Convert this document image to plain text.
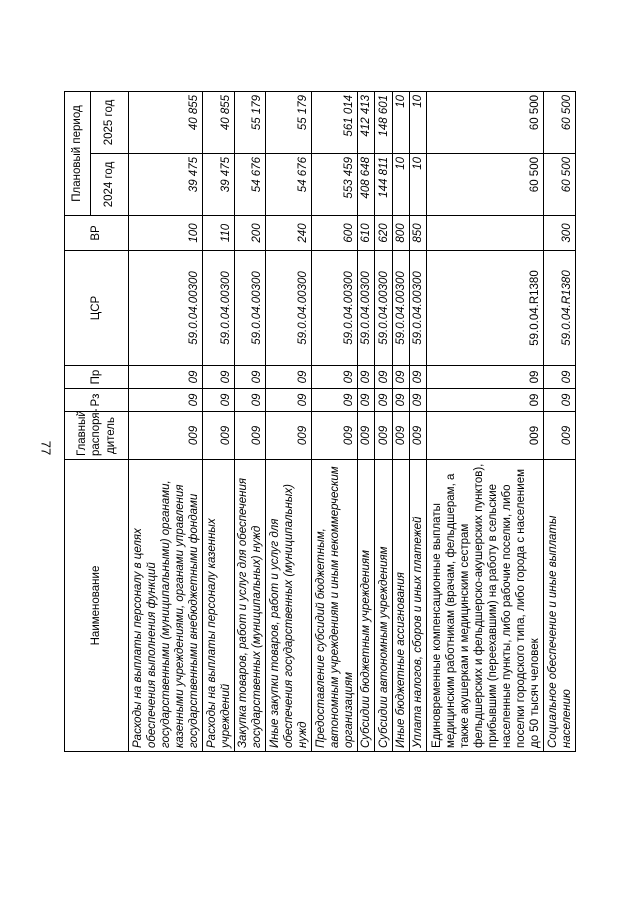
77
Наименование	Главный распоря-дитель	Рз	Пр	ЦСР	ВР	Плановый период	
						2024 год	2025 год
Расходы на выплаты персоналу в целях обеспечения выполнения функций государственными (муниципальными) органами, казенными учреждениями, органами управления государственными внебюджетными фондами	009	09	09	59.0.04.00300	100	39 475	40 855
Расходы на выплаты персоналу казенных учреждений	009	09	09	59.0.04.00300	110	39 475	40 855
Закупка товаров, работ и услуг для обеспечения государственных (муниципальных) нужд	009	09	09	59.0.04.00300	200	54 676	55 179
Иные закупки товаров, работ и услуг для обеспечения государственных (муниципальных) нужд	009	09	09	59.0.04.00300	240	54 676	55 179
Предоставление субсидий бюджетным, автономным учреждениям и иным некоммерческим организациям	009	09	09	59.0.04.00300	600	553 459	561 014
Субсидии бюджетным учреждениям	009	09	09	59.0.04.00300	610	408 648	412 413
Субсидии автономным учреждениям	009	09	09	59.0.04.00300	620	144 811	148 601
Иные бюджетные ассигнования	009	09	09	59.0.04.00300	800	10	10
Уплата налогов, сборов и иных платежей	009	09	09	59.0.04.00300	850	10	10
Единовременные компенсационные выплаты медицинским работникам (врачам, фельдшерам, а также акушеркам и медицинским сестрам фельдшерских и фельдшерско-акушерских пунктов), прибывшим (переехавшим) на работу в сельские населенные пункты, либо рабочие поселки, либо поселки городского типа, либо города с населением до 50 тысяч человек	009	09	09	59.0.04.R1380		60 500	60 500
Социальное обеспечение и иные выплаты населению	009	09	09	59.0.04.R1380	300	60 500	60 500
